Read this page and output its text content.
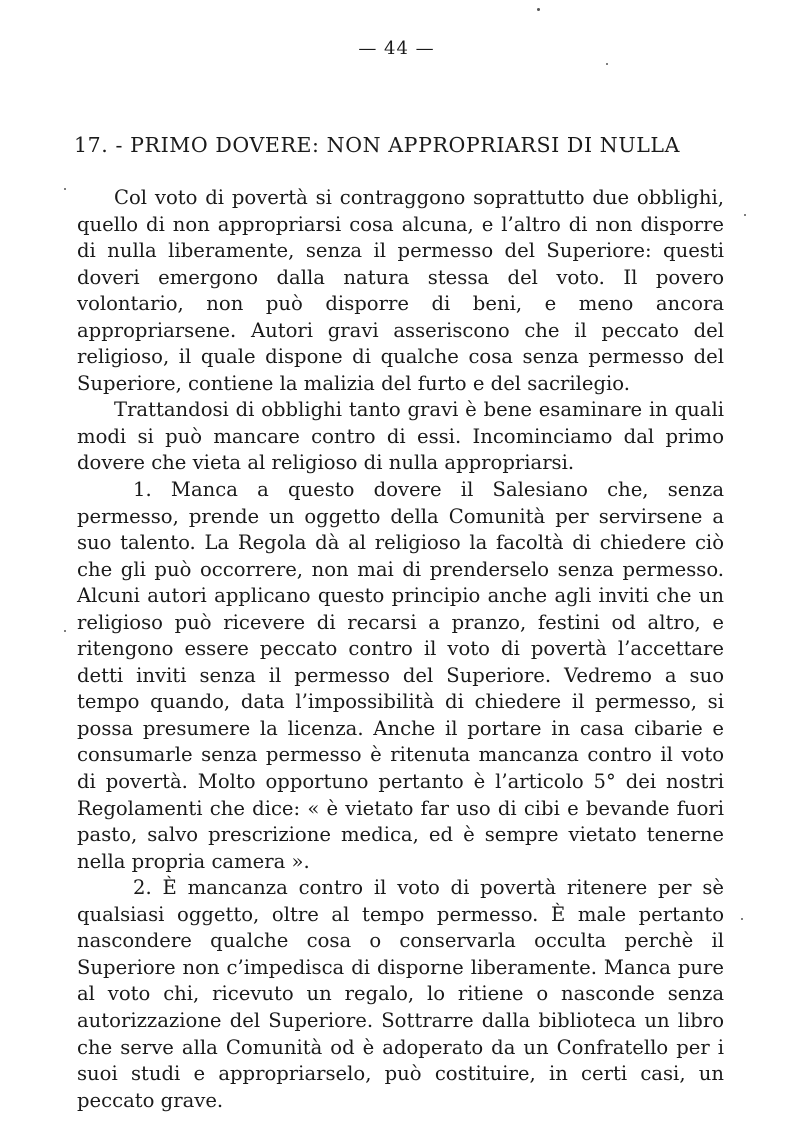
— 44 —
17. - PRIMO DOVERE: NON APPROPRIARSI DI NULLA

Col voto di povertà si contraggono soprattutto due obblighi, quello di non appropriarsi cosa alcuna, e l’altro di non disporre di nulla liberamente, senza il permesso del Superiore: questi doveri emergono dalla natura stessa del voto. Il povero volontario, non può disporre di beni, e meno ancora appropriarsene. Autori gravi asseriscono che il peccato del religioso, il quale dispone di qualche cosa senza permesso del Superiore, contiene la malizia del furto e del sacrilegio.

Trattandosi di obblighi tanto gravi è bene esaminare in quali modi si può mancare contro di essi. Incominciamo dal primo dovere che vieta al religioso di nulla appropriarsi.

1. Manca a questo dovere il Salesiano che, senza permesso, prende un oggetto della Comunità per servirsene a suo talento. La Regola dà al religioso la facoltà di chiedere ciò che gli può occorrere, non mai di prenderselo senza permesso. Alcuni autori applicano questo principio anche agli inviti che un religioso può ricevere di recarsi a pranzo, festini od altro, e ritengono essere peccato contro il voto di povertà l’accettare detti inviti senza il permesso del Superiore. Vedremo a suo tempo quando, data l’impossibilità di chiedere il permesso, si possa presumere la licenza. Anche il portare in casa cibarie e consumarle senza permesso è ritenuta mancanza contro il voto di povertà. Molto opportuno pertanto è l’articolo 5° dei nostri Regolamenti che dice: « è vietato far uso di cibi e bevande fuori pasto, salvo prescrizione medica, ed è sempre vietato tenerne nella propria camera ».

2. È mancanza contro il voto di povertà ritenere per sè qualsiasi oggetto, oltre al tempo permesso. È male pertanto nascondere qualche cosa o conservarla occulta perchè il Superiore non c’impedisca di disporne liberamente. Manca pure al voto chi, ricevuto un regalo, lo ritiene o nasconde senza autorizzazione del Superiore. Sottrarre dalla biblioteca un libro che serve alla Comunità od è adoperato da un Confratello per i suoi studi e appropriarselo, può costituire, in certi casi, un peccato grave.
